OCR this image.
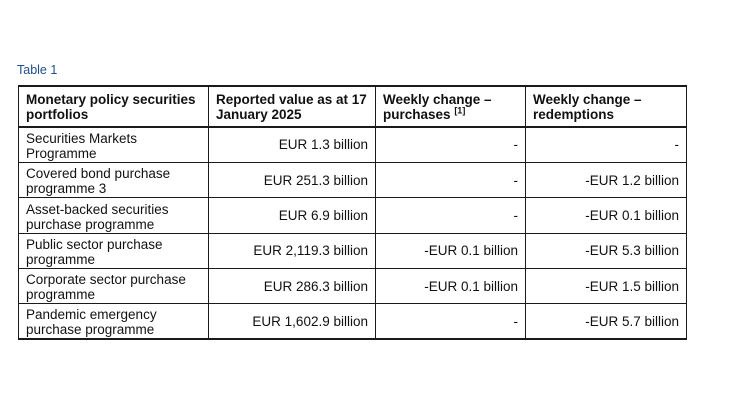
Table 1
Monetary policy securities portfolios	Reported value as at 17 January 2025	Weekly change – purchases [1]	Weekly change – redemptions
Securities Markets Programme	EUR 1.3 billion	-	-
Covered bond purchase programme 3	EUR 251.3 billion	-	-EUR 1.2 billion
Asset-backed securities purchase programme	EUR 6.9 billion	-	-EUR 0.1 billion
Public sector purchase programme	EUR 2,119.3 billion	-EUR 0.1 billion	-EUR 5.3 billion
Corporate sector purchase programme	EUR 286.3 billion	-EUR 0.1 billion	-EUR 1.5 billion
Pandemic emergency purchase programme	EUR 1,602.9 billion	-	-EUR 5.7 billion
